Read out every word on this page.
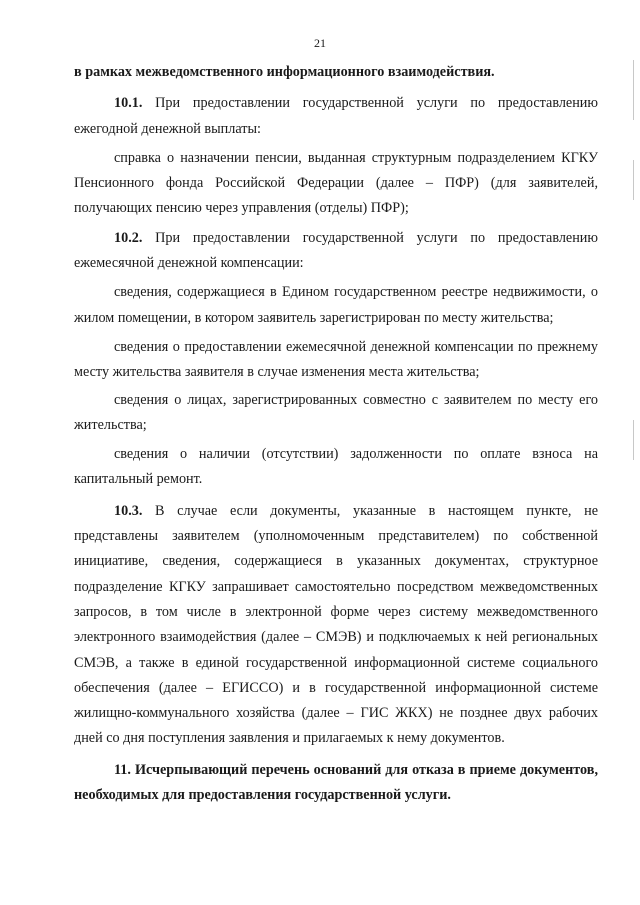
21

в рамках межведомственного информационного взаимодействия.

10.1. При предоставлении государственной услуги по предоставлению ежегодной денежной выплаты:

справка о назначении пенсии, выданная структурным подразделением КГКУ Пенсионного фонда Российской Федерации (далее – ПФР) (для заявителей, получающих пенсию через управления (отделы) ПФР);

10.2. При предоставлении государственной услуги по предоставлению ежемесячной денежной компенсации:

сведения, содержащиеся в Едином государственном реестре недвижимости, о жилом помещении, в котором заявитель зарегистрирован по месту жительства;

сведения о предоставлении ежемесячной денежной компенсации по прежнему месту жительства заявителя в случае изменения места жительства;

сведения о лицах, зарегистрированных совместно с заявителем по месту его жительства;

сведения о наличии (отсутствии) задолженности по оплате взноса на капитальный ремонт.

10.3. В случае если документы, указанные в настоящем пункте, не представлены заявителем (уполномоченным представителем) по собственной инициативе, сведения, содержащиеся в указанных документах, структурное подразделение КГКУ запрашивает самостоятельно посредством межведомственных запросов, в том числе в электронной форме через систему межведомственного электронного взаимодействия (далее – СМЭВ) и подключаемых к ней региональных СМЭВ, а также в единой государственной информационной системе социального обеспечения (далее – ЕГИССО) и в государственной информационной системе жилищно-коммунального хозяйства (далее – ГИС ЖКХ) не позднее двух рабочих дней со дня поступления заявления и прилагаемых к нему документов.

11. Исчерпывающий перечень оснований для отказа в приеме документов, необходимых для предоставления государственной услуги.
